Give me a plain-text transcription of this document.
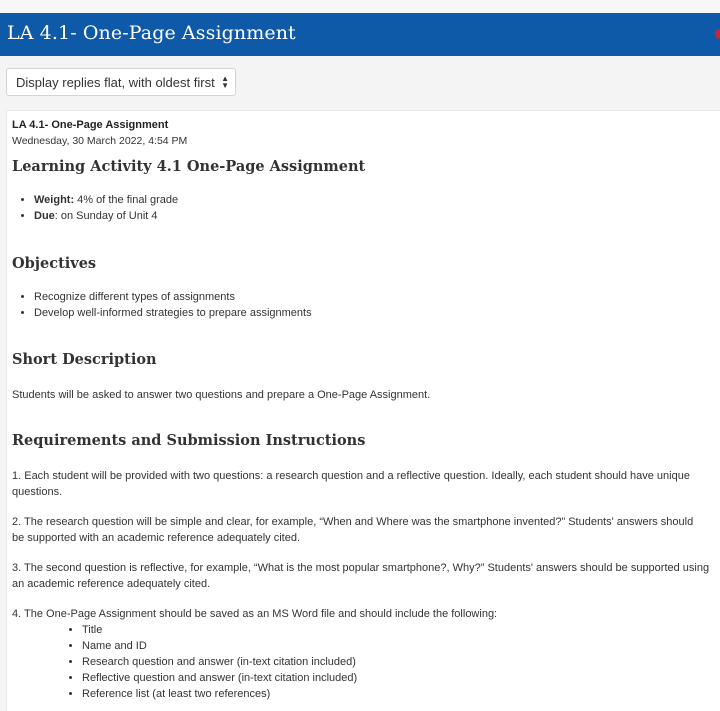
LA 4.1- One-Page Assignment
Display replies flat, with oldest first ▲
▼
LA 4.1- One-Page Assignment
Wednesday, 30 March 2022, 4:54 PM
Learning Activity 4.1 One-Page Assignment
• Weight: 4% of the final grade
• Due: on Sunday of Unit 4
Objectives
• Recognize different types of assignments
• Develop well-informed strategies to prepare assignments
Short Description

Students will be asked to answer two questions and prepare a One-Page Assignment.

Requirements and Submission Instructions

1. Each student will be provided with two questions: a research question and a reflective question. Ideally, each student should have unique questions.

2. The research question will be simple and clear, for example, “When and Where was the smartphone invented?” Students' answers should be supported with an academic reference adequately cited.

3. The second question is reflective, for example, “What is the most popular smartphone?, Why?” Students' answers should be supported using an academic reference adequately cited.

4. The One-Page Assignment should be saved as an MS Word file and should include the following:

• Title
• Name and ID
• Research question and answer (in-text citation included)
• Reflective question and answer (in-text citation included)
• Reference list (at least two references)
